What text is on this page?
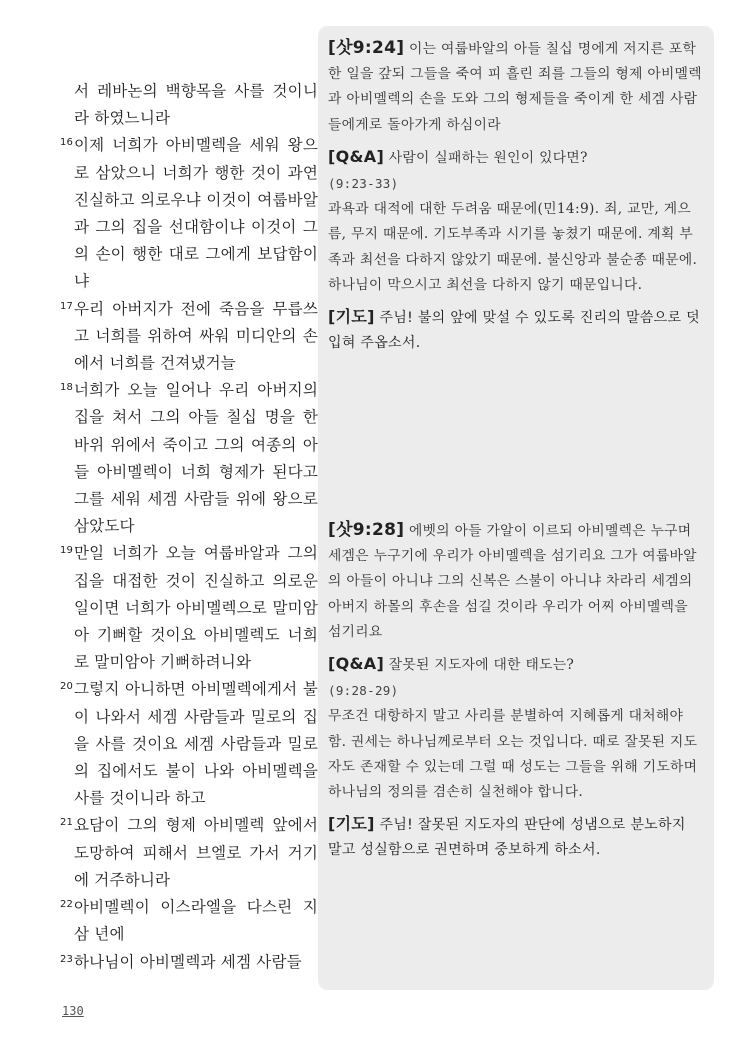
서 레바논의 백향목을 사를 것이니라 하였느니라
16 이제 너희가 아비멜렉을 세워 왕으로 삼았으니 너희가 행한 것이 과연 진실하고 의로우냐 이것이 여룹바알과 그의 집을 선대함이냐 이것이 그의 손이 행한 대로 그에게 보답함이냐
17 우리 아버지가 전에 죽음을 무릅쓰고 너희를 위하여 싸워 미디안의 손에서 너희를 건져냈거늘
18 너희가 오늘 일어나 우리 아버지의 집을 쳐서 그의 아들 칠십 명을 한 바위 위에서 죽이고 그의 여종의 아들 아비멜렉이 너희 형제가 된다고 그를 세워 세겜 사람들 위에 왕으로 삼았도다
19 만일 너희가 오늘 여룹바알과 그의 집을 대접한 것이 진실하고 의로운 일이면 너희가 아비멜렉으로 말미암아 기뻐할 것이요 아비멜렉도 너희로 말미암아 기뻐하려니와
20 그렇지 아니하면 아비멜렉에게서 불이 나와서 세겜 사람들과 밀로의 집을 사를 것이요 세겜 사람들과 밀로의 집에서도 불이 나와 아비멜렉을 사를 것이니라 하고
21 요담이 그의 형제 아비멜렉 앞에서 도망하여 피해서 브엘로 가서 거기에 거주하니라
22 아비멜렉이 이스라엘을 다스린 지 삼 년에
23 하나님이 아비멜렉과 세겜 사람들
[삿9:24] 이는 여룹바알의 아들 칠십 명에게 저지른 포학한 일을 갚되 그들을 죽여 피 흘린 죄를 그들의 형제 아비멜렉과 아비멜렉의 손을 도와 그의 형제들을 죽이게 한 세겜 사람들에게로 돌아가게 하심이라
[Q&A] 사람이 실패하는 원인이 있다면?
(9:23-33)
과욕과 대적에 대한 두려움 때문에(민14:9). 죄, 교만, 게으름, 무지 때문에. 기도부족과 시기를 놓쳤기 때문에. 계획 부족과 최선을 다하지 않았기 때문에. 불신앙과 불순종 때문에. 하나님이 막으시고 최선을 다하지 않기 때문입니다.
[기도] 주님! 불의 앞에 맞설 수 있도록 진리의 말씀으로 덧입혀 주옵소서.
[삿9:28] 에벳의 아들 가알이 이르되 아비멜렉은 누구며 세겜은 누구기에 우리가 아비멜렉을 섬기리요 그가 여룹바알의 아들이 아니냐 그의 신복은 스불이 아니냐 차라리 세겜의 아버지 하몰의 후손을 섬길 것이라 우리가 어찌 아비멜렉을 섬기리요
[Q&A] 잘못된 지도자에 대한 태도는?
(9:28-29)
무조건 대항하지 말고 사리를 분별하여 지혜롭게 대처해야 함. 권세는 하나님께로부터 오는 것입니다. 때로 잘못된 지도자도 존재할 수 있는데 그럴 때 성도는 그들을 위해 기도하며 하나님의 정의를 겸손히 실천해야 합니다.
[기도] 주님! 잘못된 지도자의 판단에 성냄으로 분노하지 말고 성실함으로 권면하며 중보하게 하소서.
130
